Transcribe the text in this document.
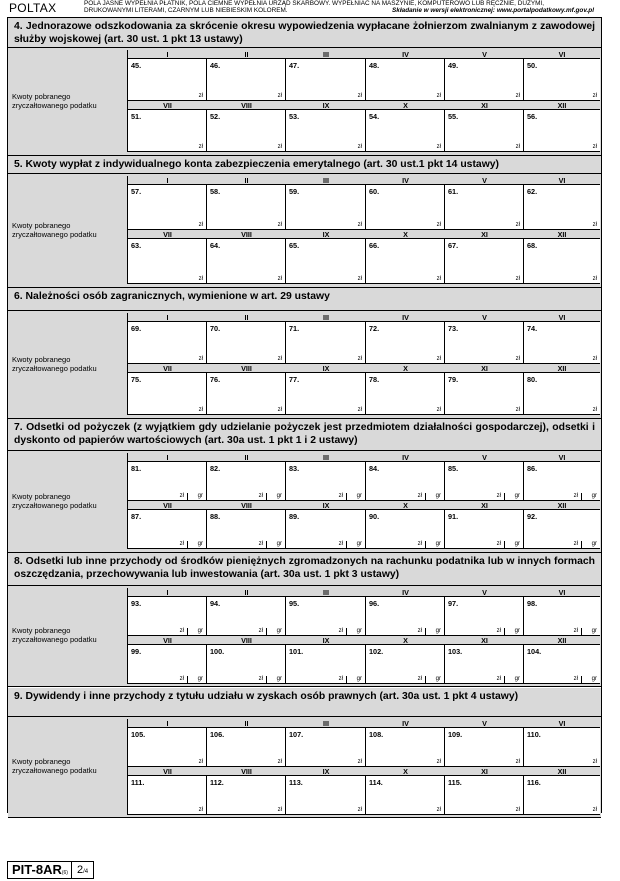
POLTAX	POLA JASNE WYPEŁNIA PŁATNIK, POLA CIEMNE WYPEŁNIA URZĄD SKARBOWY. WYPEŁNIAĆ NA MASZYNIE, KOMPUTEROWO LUB RĘCZNIE, DUŻYMI, DRUKOWANYMI LITERAMI, CZARNYM LUB NIEBIESKIM KOLOREM.	Składanie w wersji elektronicznej: www.portalpodatkowy.mf.gov.pl
4. Jednorazowe odszkodowania za skrócenie okresu wypowiedzenia wypłacane żołnierzom zwalnianym z zawodowej służby wojskowej (art. 30 ust. 1 pkt 13 ustawy)
Kwoty pobranego zryczałtowanego podatku
I
45.
zł
II
46.
zł
III
47.
zł
IV
48.
zł
V
49.
zł
VI
50.
zł
VII
51.
zł
VIII
52.
zł
IX
53.
zł
X
54.
zł
XI
55.
zł
XII
56.
zł
5. Kwoty wypłat z indywidualnego konta zabezpieczenia emerytalnego (art. 30 ust.1 pkt 14 ustawy)
Kwoty pobranego zryczałtowanego podatku
I
57.
zł
II
58.
zł
III
59.
zł
IV
60.
zł
V
61.
zł
VI
62.
zł
VII
63.
zł
VIII
64.
zł
IX
65.
zł
X
66.
zł
XI
67.
zł
XII
68.
zł
6. Należności osób zagranicznych, wymienione w art. 29 ustawy
Kwoty pobranego zryczałtowanego podatku
I
69.
zł
II
70.
zł
III
71.
zł
IV
72.
zł
V
73.
zł
VI
74.
zł
VII
75.
zł
VIII
76.
zł
IX
77.
zł
X
78.
zł
XI
79.
zł
XII
80.
zł
7. Odsetki od pożyczek (z wyjątkiem gdy udzielanie pożyczek jest przedmiotem działalności gospodarczej), odsetki i dyskonto od papierów wartościowych (art. 30a ust. 1 pkt 1 i 2 ustawy)
Kwoty pobranego zryczałtowanego podatku
I
81.
zł gr
II
82.
zł gr
III
83.
zł gr
IV
84.
zł gr
V
85.
zł gr
VI
86.
zł gr
VII
87.
zł gr
VIII
88.
zł gr
IX
89.
zł gr
X
90.
zł gr
XI
91.
zł gr
XII
92.
zł gr
8. Odsetki lub inne przychody od środków pieniężnych zgromadzonych na rachunku podatnika lub w innych formach oszczędzania, przechowywania lub inwestowania (art. 30a ust. 1 pkt 3 ustawy)
Kwoty pobranego zryczałtowanego podatku
I
93.
zł gr
II
94.
zł gr
III
95.
zł gr
IV
96.
zł gr
V
97.
zł gr
VI
98.
zł gr
VII
99.
zł gr
VIII
100.
zł gr
IX
101.
zł gr
X
102.
zł gr
XI
103.
zł gr
XII
104.
zł gr
9. Dywidendy i inne przychody z tytułu udziału w zyskach osób prawnych (art. 30a ust. 1 pkt 4 ustawy)
Kwoty pobranego zryczałtowanego podatku
I
105.
zł
II
106.
zł
III
107.
zł
IV
108.
zł
V
109.
zł
VI
110.
zł
VII
111.
zł
VIII
112.
zł
IX
113.
zł
X
114.
zł
XI
115.
zł
XII
116.
zł
PIT-8AR(6) 2/4
